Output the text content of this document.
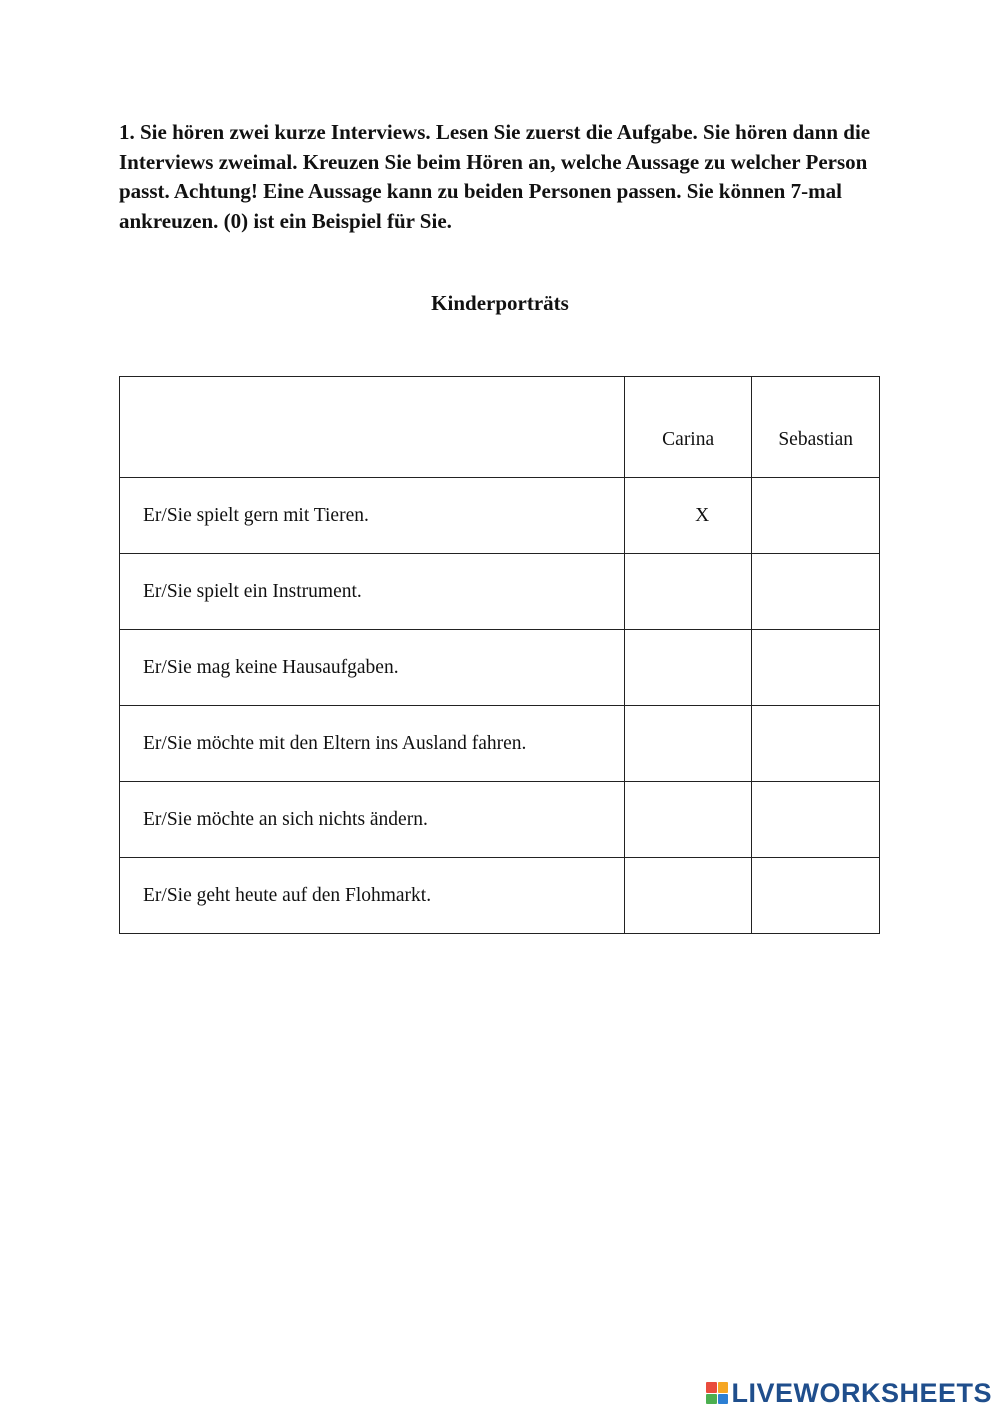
1. Sie hören zwei kurze Interviews. Lesen Sie zuerst die Aufgabe. Sie hören dann die Interviews zweimal. Kreuzen Sie beim Hören an, welche Aussage zu welcher Person passt. Achtung! Eine Aussage kann zu beiden Personen passen. Sie können 7-mal ankreuzen. (0) ist ein Beispiel für Sie.
Kinderporträts

	Carina	Sebastian

Er/Sie spielt gern mit Tieren.	X	
Er/Sie spielt ein Instrument.		
Er/Sie mag keine Hausaufgaben.		
Er/Sie möchte mit den Eltern ins Ausland fahren.		
Er/Sie möchte an sich nichts ändern.		
Er/Sie geht heute auf den Flohmarkt.		
LIVEWORKSHEETS
